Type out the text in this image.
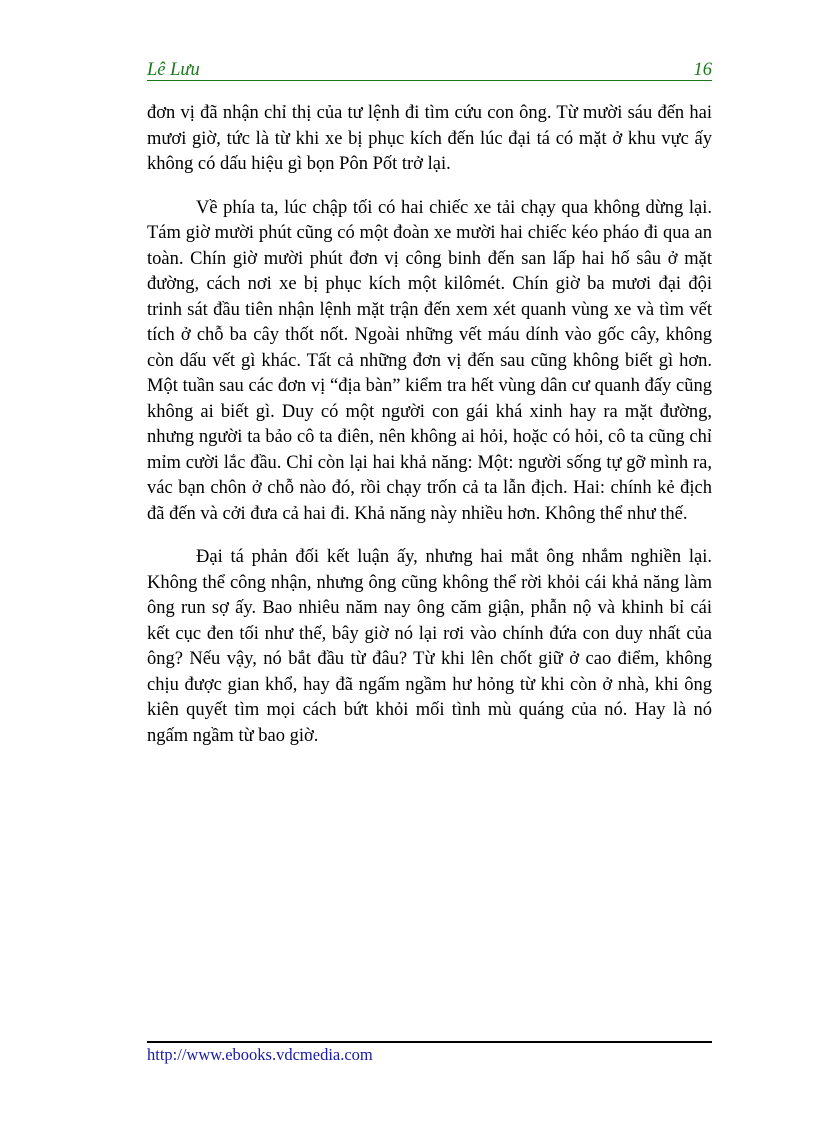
Lê Lưu	16

đơn vị đã nhận chỉ thị của tư lệnh đi tìm cứu con ông. Từ mười sáu đến hai mươi giờ, tức là từ khi xe bị phục kích đến lúc đại tá có mặt ở khu vực ấy không có dấu hiệu gì bọn Pôn Pốt trở lại.

Về phía ta, lúc chập tối có hai chiếc xe tải chạy qua không dừng lại. Tám giờ mười phút cũng có một đoàn xe mười hai chiếc kéo pháo đi qua an toàn. Chín giờ mười phút đơn vị công binh đến san lấp hai hố sâu ở mặt đường, cách nơi xe bị phục kích một kilômét. Chín giờ ba mươi đại đội trinh sát đầu tiên nhận lệnh mặt trận đến xem xét quanh vùng xe và tìm vết tích ở chỗ ba cây thốt nốt. Ngoài những vết máu dính vào gốc cây, không còn dấu vết gì khác. Tất cả những đơn vị đến sau cũng không biết gì hơn. Một tuần sau các đơn vị “địa bàn” kiểm tra hết vùng dân cư quanh đấy cũng không ai biết gì. Duy có một người con gái khá xinh hay ra mặt đường, nhưng người ta bảo cô ta điên, nên không ai hỏi, hoặc có hỏi, cô ta cũng chỉ mỉm cười lắc đầu. Chỉ còn lại hai khả năng: Một: người sống tự gỡ mình ra, vác bạn chôn ở chỗ nào đó, rồi chạy trốn cả ta lẫn địch. Hai: chính kẻ địch đã đến và cởi đưa cả hai đi. Khả năng này nhiều hơn. Không thể như thế.

Đại tá phản đối kết luận ấy, nhưng hai mắt ông nhắm nghiền lại. Không thể công nhận, nhưng ông cũng không thể rời khỏi cái khả năng làm ông run sợ ấy. Bao nhiêu năm nay ông căm giận, phẫn nộ và khinh bỉ cái kết cục đen tối như thế, bây giờ nó lại rơi vào chính đứa con duy nhất của ông? Nếu vậy, nó bắt đầu từ đâu? Từ khi lên chốt giữ ở cao điểm, không chịu được gian khổ, hay đã ngấm ngầm hư hỏng từ khi còn ở nhà, khi ông kiên quyết tìm mọi cách bứt khỏi mối tình mù quáng của nó. Hay là nó ngấm ngầm từ bao giờ.

http://www.ebooks.vdcmedia.com
